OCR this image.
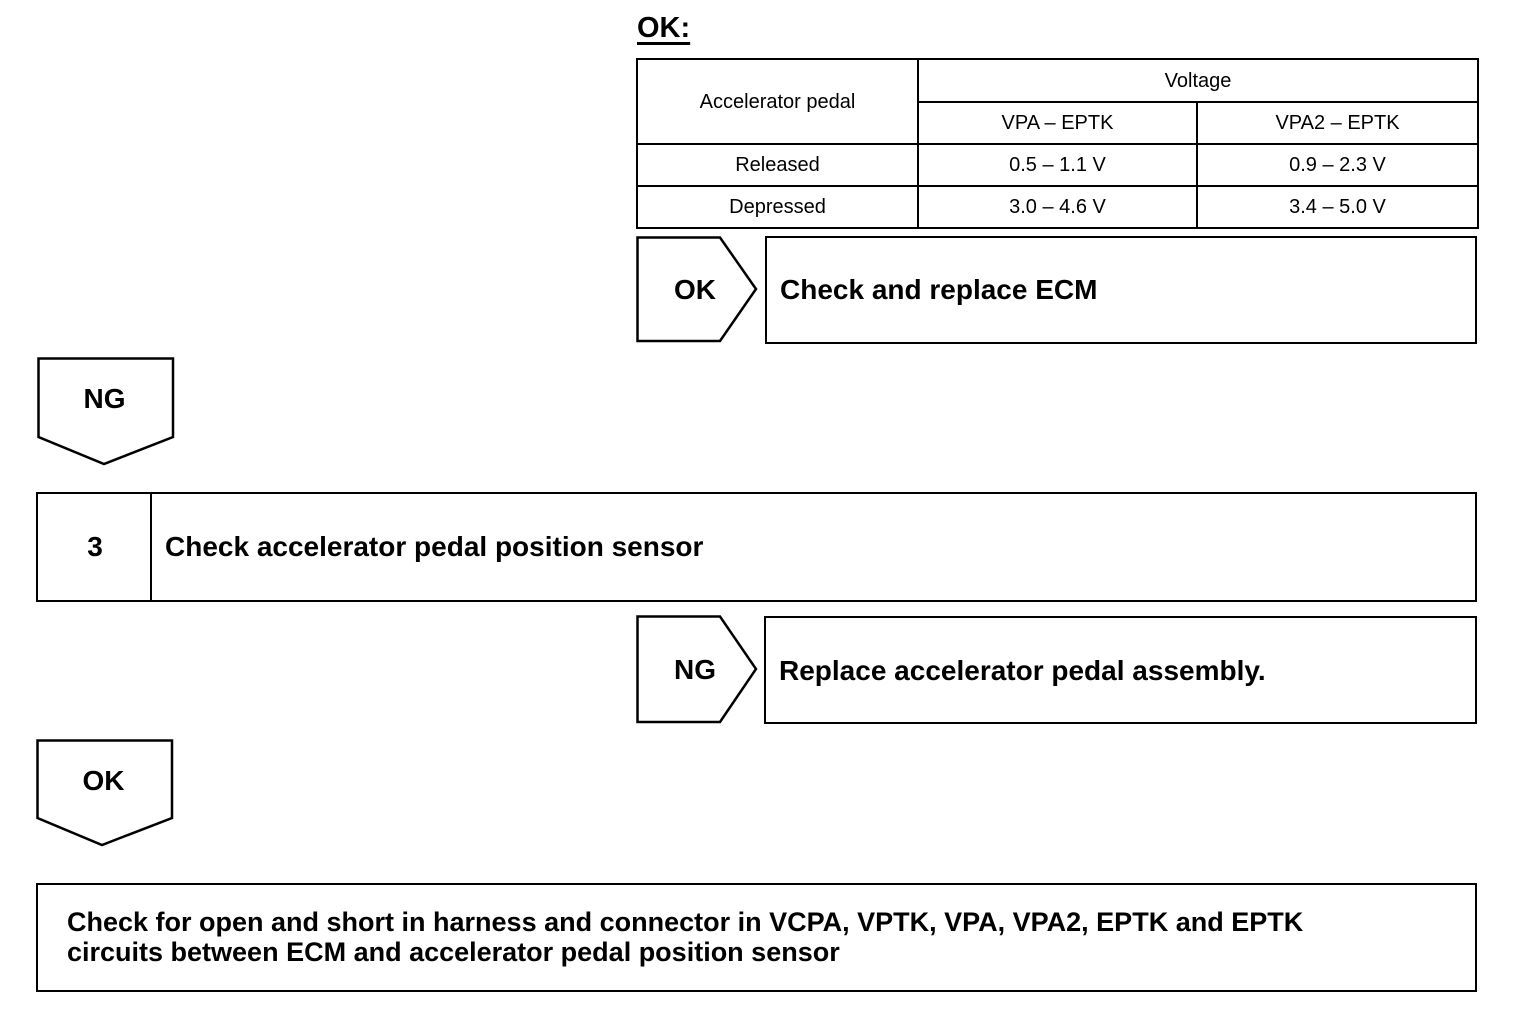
OK:
Accelerator pedal	Voltage	
	VPA – EPTK	VPA2 – EPTK
Released	0.5 – 1.1 V	0.9 – 2.3 V
Depressed	3.0 – 4.6 V	3.4 – 5.0 V
OK	Check and replace ECM
NG
3	Check accelerator pedal position sensor
NG	Replace accelerator pedal assembly.
OK
Check for open and short in harness and connector in VCPA, VPTK, VPA, VPA2, EPTK and EPTK
circuits between ECM and accelerator pedal position sensor
